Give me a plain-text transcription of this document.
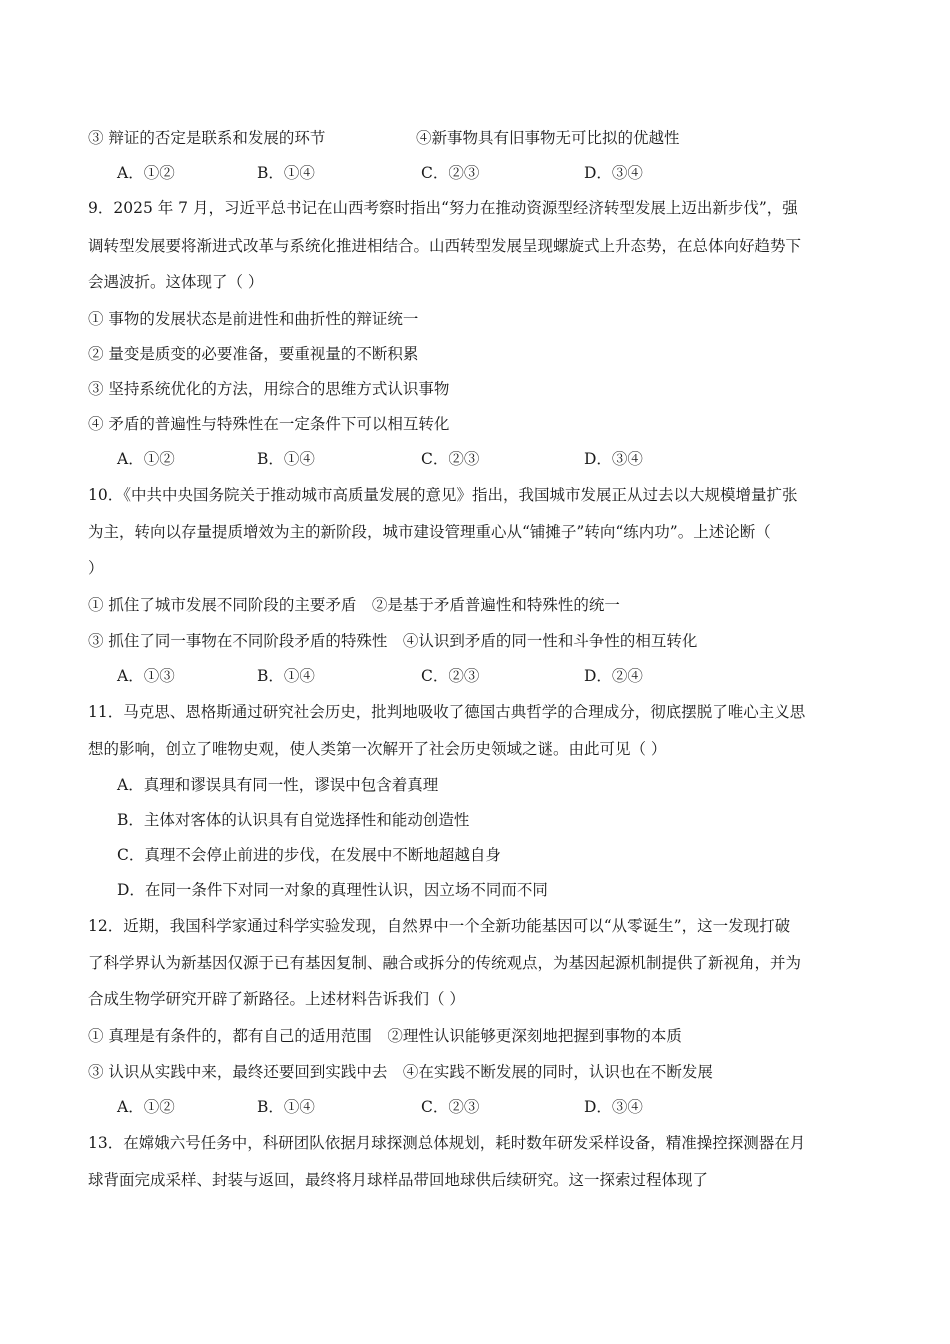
③ 辩证的否定是联系和发展的环节	④新事物具有旧事物无可比拟的优越性
A．①②	B．①④	C．②③	D．③④
9．2025 年 7 月，习近平总书记在山西考察时指出“努力在推动资源型经济转型发展上迈出新步伐”，强
调转型发展要将渐进式改革与系统化推进相结合。山西转型发展呈现螺旋式上升态势，在总体向好趋势下
会遇波折。这体现了（ ）
① 事物的发展状态是前进性和曲折性的辩证统一
② 量变是质变的必要准备，要重视量的不断积累
③ 坚持系统优化的方法，用综合的思维方式认识事物
④ 矛盾的普遍性与特殊性在一定条件下可以相互转化
A．①②	B．①④	C．②③	D．③④
10．《中共中央国务院关于推动城市高质量发展的意见》指出，我国城市发展正从过去以大规模增量扩张
为主，转向以存量提质增效为主的新阶段，城市建设管理重心从“铺摊子”转向“练内功”。上述论断（
）
① 抓住了城市发展不同阶段的主要矛盾　②是基于矛盾普遍性和特殊性的统一
③ 抓住了同一事物在不同阶段矛盾的特殊性　④认识到矛盾的同一性和斗争性的相互转化
A．①③	B．①④	C．②③	D．②④
11．马克思、恩格斯通过研究社会历史，批判地吸收了德国古典哲学的合理成分，彻底摆脱了唯心主义思
想的影响，创立了唯物史观，使人类第一次解开了社会历史领域之谜。由此可见（ ）
A．真理和谬误具有同一性，谬误中包含着真理
B．主体对客体的认识具有自觉选择性和能动创造性
C．真理不会停止前进的步伐，在发展中不断地超越自身
D．在同一条件下对同一对象的真理性认识，因立场不同而不同
12．近期，我国科学家通过科学实验发现，自然界中一个全新功能基因可以“从零诞生”，这一发现打破
了科学界认为新基因仅源于已有基因复制、融合或拆分的传统观点，为基因起源机制提供了新视角，并为
合成生物学研究开辟了新路径。上述材料告诉我们（ ）
① 真理是有条件的，都有自己的适用范围　②理性认识能够更深刻地把握到事物的本质
③ 认识从实践中来，最终还要回到实践中去　④在实践不断发展的同时，认识也在不断发展
A．①②	B．①④	C．②③	D．③④
13．在嫦娥六号任务中，科研团队依据月球探测总体规划，耗时数年研发采样设备，精准操控探测器在月
球背面完成采样、封装与返回，最终将月球样品带回地球供后续研究。这一探索过程体现了
